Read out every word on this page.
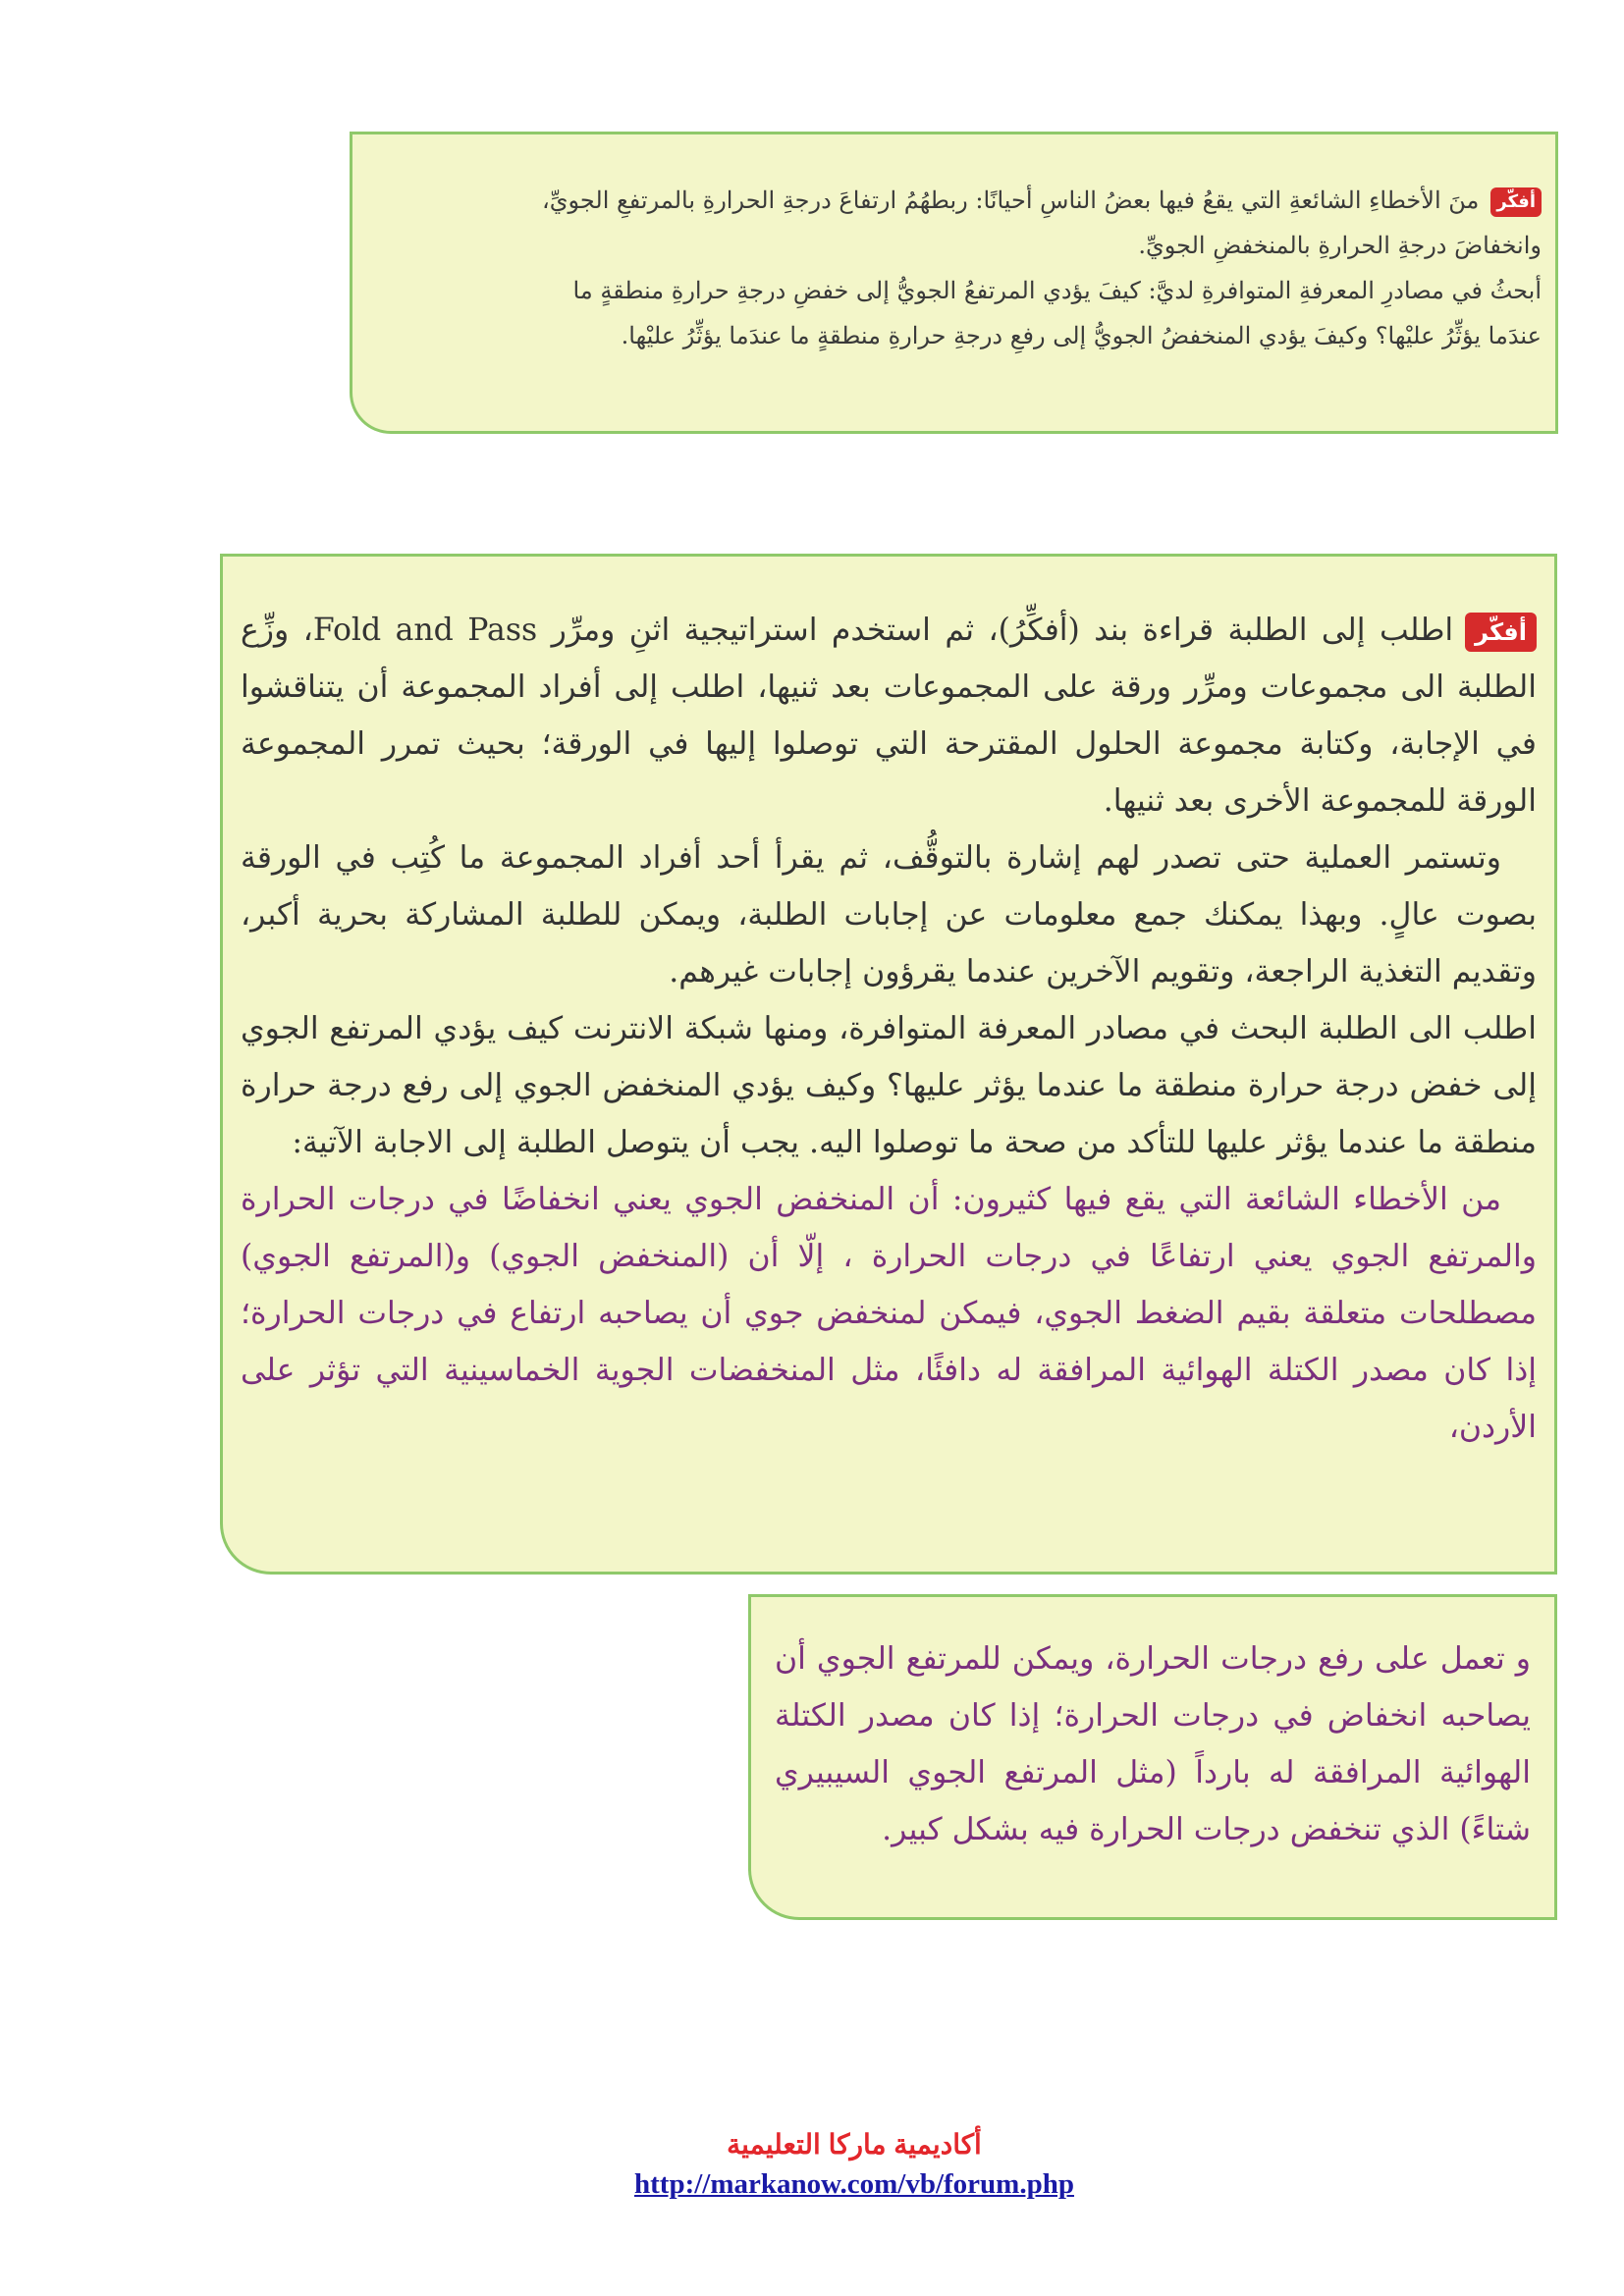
أفكّرمنَ الأخطاءِ الشائعةِ التي يقعُ فيها بعضُ الناسِ أحيانًا: ربطهُمُ ارتفاعَ درجةِ الحرارةِ بالمرتفعِ الجويِّ،

وانخفاضَ درجةِ الحرارةِ بالمنخفضِ الجويِّ.

أبحثُ في مصادرِ المعرفةِ المتوافرةِ لديَّ: كيفَ يؤدي المرتفعُ الجويُّ إلى خفضِ درجةِ حرارةِ منطقةٍ ما

عندَما يؤثِّرُ عليْها؟ وكيفَ يؤدي المنخفضُ الجويُّ إلى رفعِ درجةِ حرارةِ منطقةٍ ما عندَما يؤثِّرُ عليْها.

أفكّراطلب إلى الطلبة قراءة بند (أفكِّرُ)، ثم استخدم استراتيجية اثنِ ومرِّر Fold and Pass، وزِّع الطلبة الى مجموعات ومرِّر ورقة على المجموعات بعد ثنيها، اطلب إلى أفراد المجموعة أن يتناقشوا في الإجابة، وكتابة مجموعة الحلول المقترحة التي توصلوا إليها في الورقة؛ بحيث تمرر المجموعة الورقة للمجموعة الأخرى بعد ثنيها.

وتستمر العملية حتى تصدر لهم إشارة بالتوقُّف، ثم يقرأ أحد أفراد المجموعة ما كُتِب في الورقة بصوت عالٍ. وبهذا يمكنك جمع معلومات عن إجابات الطلبة، ويمكن للطلبة المشاركة بحرية أكبر، وتقديم التغذية الراجعة، وتقويم الآخرين عندما يقرؤون إجابات غيرهم.

اطلب الى الطلبة البحث في مصادر المعرفة المتوافرة، ومنها شبكة الانترنت كيف يؤدي المرتفع الجوي إلى خفض درجة حرارة منطقة ما عندما يؤثر عليها؟ وكيف يؤدي المنخفض الجوي إلى رفع درجة حرارة منطقة ما عندما يؤثر عليها للتأكد من صحة ما توصلوا اليه. يجب أن يتوصل الطلبة إلى الاجابة الآتية:

من الأخطاء الشائعة التي يقع فيها كثيرون: أن المنخفض الجوي يعني انخفاضًا في درجات الحرارة والمرتفع الجوي يعني ارتفاعًا في درجات الحرارة ، إلّا أن (المنخفض الجوي) و(المرتفع الجوي) مصطلحات متعلقة بقيم الضغط الجوي، فيمكن لمنخفض جوي أن يصاحبه ارتفاع في درجات الحرارة؛ إذا كان مصدر الكتلة الهوائية المرافقة له دافئًا، مثل المنخفضات الجوية الخماسينية التي تؤثر على الأردن،

و تعمل على رفع درجات الحرارة، ويمكن للمرتفع الجوي أن يصاحبه انخفاض في درجات الحرارة؛ إذا كان مصدر الكتلة الهوائية المرافقة له بارداً (مثل المرتفع الجوي السيبيري شتاءً) الذي تنخفض درجات الحرارة فيه بشكل كبير.

أكاديمية ماركا التعليمية
http://markanow.com/vb/forum.php
